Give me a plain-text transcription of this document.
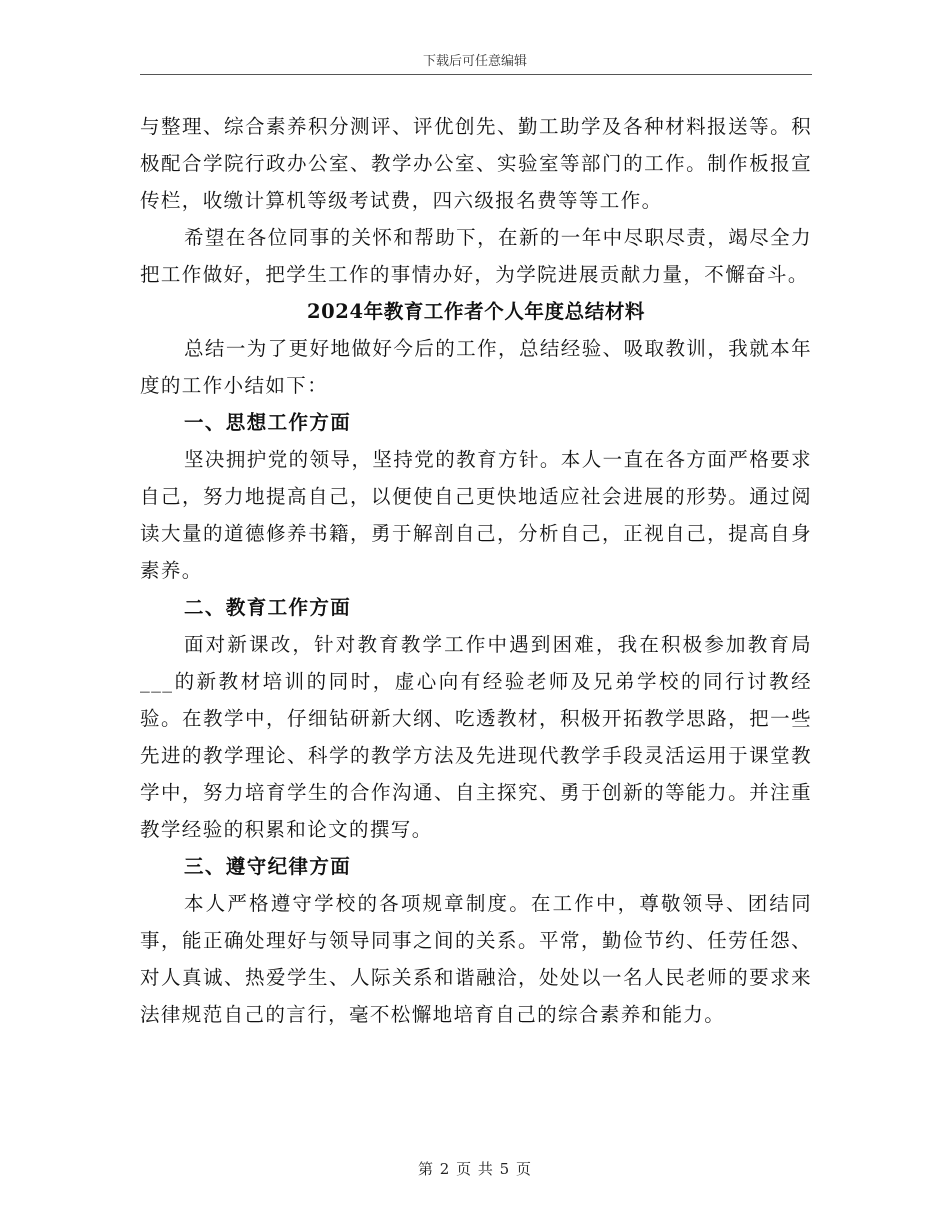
下载后可任意编辑

与整理、综合素养积分测评、评优创先、勤工助学及各种材料报送等。积极配合学院行政办公室、教学办公室、实验室等部门的工作。制作板报宣传栏，收缴计算机等级考试费，四六级报名费等等工作。

希望在各位同事的关怀和帮助下，在新的一年中尽职尽责，竭尽全力把工作做好，把学生工作的事情办好，为学院进展贡献力量，不懈奋斗。

2024年教育工作者个人年度总结材料

总结一为了更好地做好今后的工作，总结经验、吸取教训，我就本年度的工作小结如下：

一、思想工作方面

坚决拥护党的领导，坚持党的教育方针。本人一直在各方面严格要求自己，努力地提高自己，以便使自己更快地适应社会进展的形势。通过阅读大量的道德修养书籍，勇于解剖自己，分析自己，正视自己，提高自身素养。

二、教育工作方面

面对新课改，针对教育教学工作中遇到困难，我在积极参加教育局___的新教材培训的同时，虚心向有经验老师及兄弟学校的同行讨教经验。在教学中，仔细钻研新大纲、吃透教材，积极开拓教学思路，把一些先进的教学理论、科学的教学方法及先进现代教学手段灵活运用于课堂教学中，努力培育学生的合作沟通、自主探究、勇于创新的等能力。并注重教学经验的积累和论文的撰写。

三、遵守纪律方面

本人严格遵守学校的各项规章制度。在工作中，尊敬领导、团结同事，能正确处理好与领导同事之间的关系。平常，勤俭节约、任劳任怨、对人真诚、热爱学生、人际关系和谐融洽，处处以一名人民老师的要求来法律规范自己的言行，毫不松懈地培育自己的综合素养和能力。

第 2 页 共 5 页
